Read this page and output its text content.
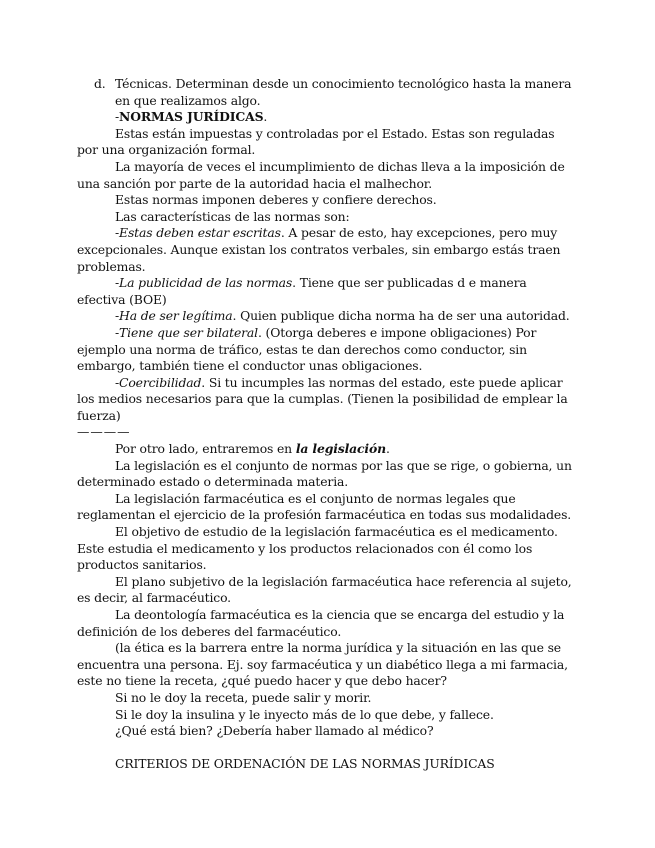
d. Técnicas. Determinan desde un conocimiento tecnológico hasta la manera en que realizamos algo.

-NORMAS JURÍDICAS.

Estas están impuestas y controladas por el Estado. Estas son reguladas por una organización formal.

La mayoría de veces el incumplimiento de dichas lleva a la imposición de una sanción por parte de la autoridad hacia el malhechor.

Estas normas imponen deberes y confiere derechos.

Las características de las normas son:

-Estas deben estar escritas. A pesar de esto, hay excepciones, pero muy excepcionales. Aunque existan los contratos verbales, sin embargo estás traen problemas.

-La publicidad de las normas. Tiene que ser publicadas d e manera efectiva (BOE)

-Ha de ser legítima. Quien publique dicha norma ha de ser una autoridad.

-Tiene que ser bilateral. (Otorga deberes e impone obligaciones) Por ejemplo una norma de tráfico, estas te dan derechos como conductor, sin embargo, también tiene el conductor unas obligaciones.

-Coercibilidad. Si tu incumples las normas del estado, este puede aplicar los medios necesarios para que la cumplas. (Tienen la posibilidad de emplear la fuerza)

————

Por otro lado, entraremos en la legislación.

La legislación es el conjunto de normas por las que se rige, o gobierna, un determinado estado o determinada materia.

La legislación farmacéutica es el conjunto de normas legales que reglamentan el ejercicio de la profesión farmacéutica en todas sus modalidades.

El objetivo de estudio de la legislación farmacéutica es el medicamento. Este estudia el medicamento y los productos relacionados con él como los productos sanitarios.

El plano subjetivo de la legislación farmacéutica hace referencia al sujeto, es decir, al farmacéutico.

La deontología farmacéutica es la ciencia que se encarga del estudio y la definición de los deberes del farmacéutico.

(la ética es la barrera entre la norma jurídica y la situación en las que se encuentra una persona. Ej. soy farmacéutica y un diabético llega a mi farmacia, este no tiene la receta, ¿qué puedo hacer y que debo hacer?

Si no le doy la receta, puede salir y morir.

Si le doy la insulina y le inyecto más de lo que debe, y fallece.

¿Qué está bien? ¿Debería haber llamado al médico?

CRITERIOS DE ORDENACIÓN DE LAS NORMAS JURÍDICAS
